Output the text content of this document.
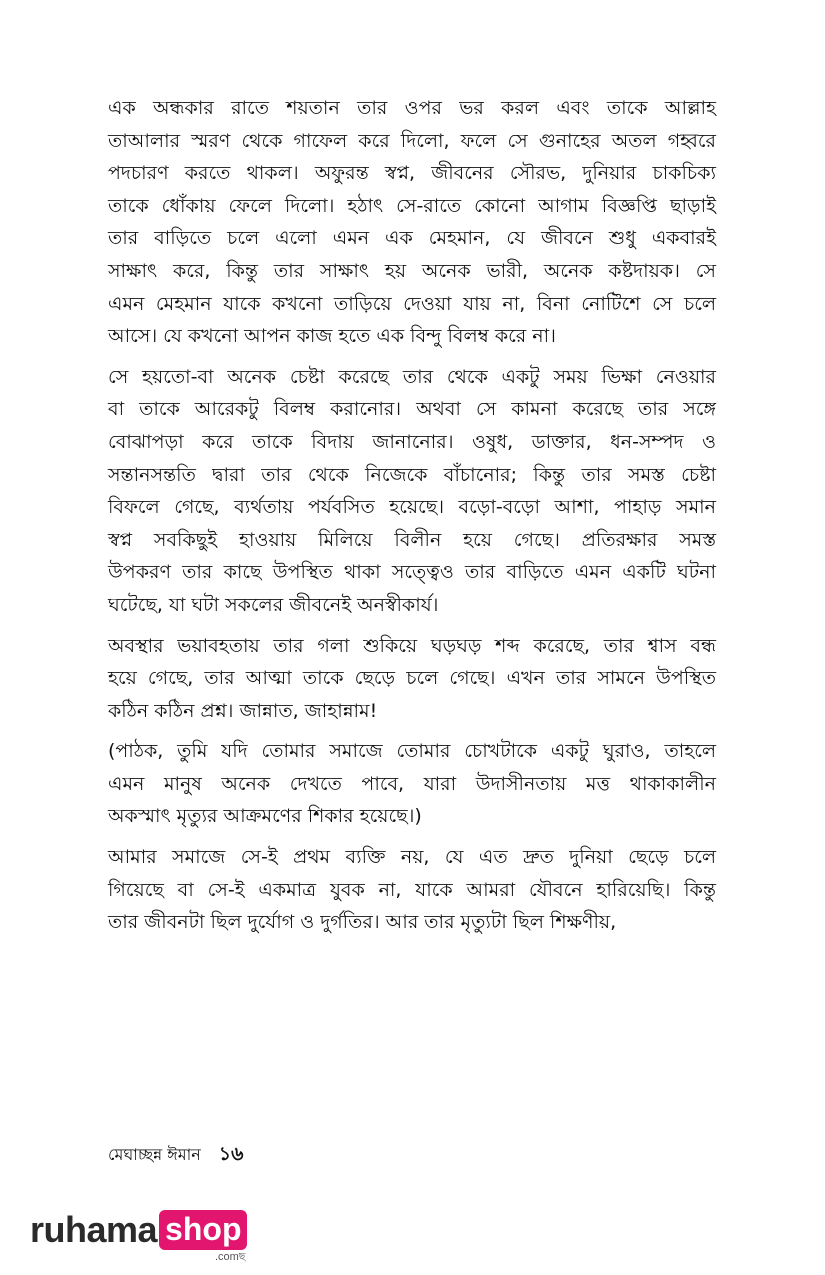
এক অন্ধকার রাতে শয়তান তার ওপর ভর করল এবং তাকে আল্লাহ
তাআলার স্মরণ থেকে গাফেল করে দিলো, ফলে সে গুনাহের অতল গহ্বরে
পদচারণ করতে থাকল। অফুরন্ত স্বপ্ন, জীবনের সৌরভ, দুনিয়ার চাকচিক্য
তাকে ধোঁকায় ফেলে দিলো। হঠাৎ সে-রাতে কোনো আগাম বিজ্ঞপ্তি ছাড়াই
তার বাড়িতে চলে এলো এমন এক মেহমান, যে জীবনে শুধু একবারই
সাক্ষাৎ করে, কিন্তু তার সাক্ষাৎ হয় অনেক ভারী, অনেক কষ্টদায়ক। সে
এমন মেহমান যাকে কখনো তাড়িয়ে দেওয়া যায় না, বিনা নোটিশে সে চলে
আসে। যে কখনো আপন কাজ হতে এক বিন্দু বিলম্ব করে না।

সে হয়তো-বা অনেক চেষ্টা করেছে তার থেকে একটু সময় ভিক্ষা নেওয়ার
বা তাকে আরেকটু বিলম্ব করানোর। অথবা সে কামনা করেছে তার সঙ্গে
বোঝাপড়া করে তাকে বিদায় জানানোর। ওষুধ, ডাক্তার, ধন-সম্পদ ও
সন্তানসন্ততি দ্বারা তার থেকে নিজেকে বাঁচানোর; কিন্তু তার সমস্ত চেষ্টা
বিফলে গেছে, ব্যর্থতায় পর্যবসিত হয়েছে। বড়ো-বড়ো আশা, পাহাড় সমান
স্বপ্ন সবকিছুই হাওয়ায় মিলিয়ে বিলীন হয়ে গেছে। প্রতিরক্ষার সমস্ত
উপকরণ তার কাছে উপস্থিত থাকা সত্ত্বেও তার বাড়িতে এমন একটি ঘটনা
ঘটেছে, যা ঘটা সকলের জীবনেই অনস্বীকার্য।

অবস্থার ভয়াবহতায় তার গলা শুকিয়ে ঘড়ঘড় শব্দ করেছে, তার শ্বাস বন্ধ
হয়ে গেছে, তার আত্মা তাকে ছেড়ে চলে গেছে। এখন তার সামনে উপস্থিত
কঠিন কঠিন প্রশ্ন। জান্নাত, জাহান্নাম!

(পাঠক, তুমি যদি তোমার সমাজে তোমার চোখটাকে একটু ঘুরাও, তাহলে
এমন মানুষ অনেক দেখতে পাবে, যারা উদাসীনতায় মত্ত থাকাকালীন
অকস্মাৎ মৃত্যুর আক্রমণের শিকার হয়েছে।)

আমার সমাজে সে-ই প্রথম ব্যক্তি নয়, যে এত দ্রুত দুনিয়া ছেড়ে চলে
গিয়েছে বা সে-ই একমাত্র যুবক না, যাকে আমরা যৌবনে হারিয়েছি। কিন্তু
তার জীবনটা ছিল দুর্যোগ ও দুর্গতির। আর তার মৃত্যুটা ছিল শিক্ষণীয়,

মেঘাচ্ছন্ন ঈমান ১৬
ruhama shop
.comছ
